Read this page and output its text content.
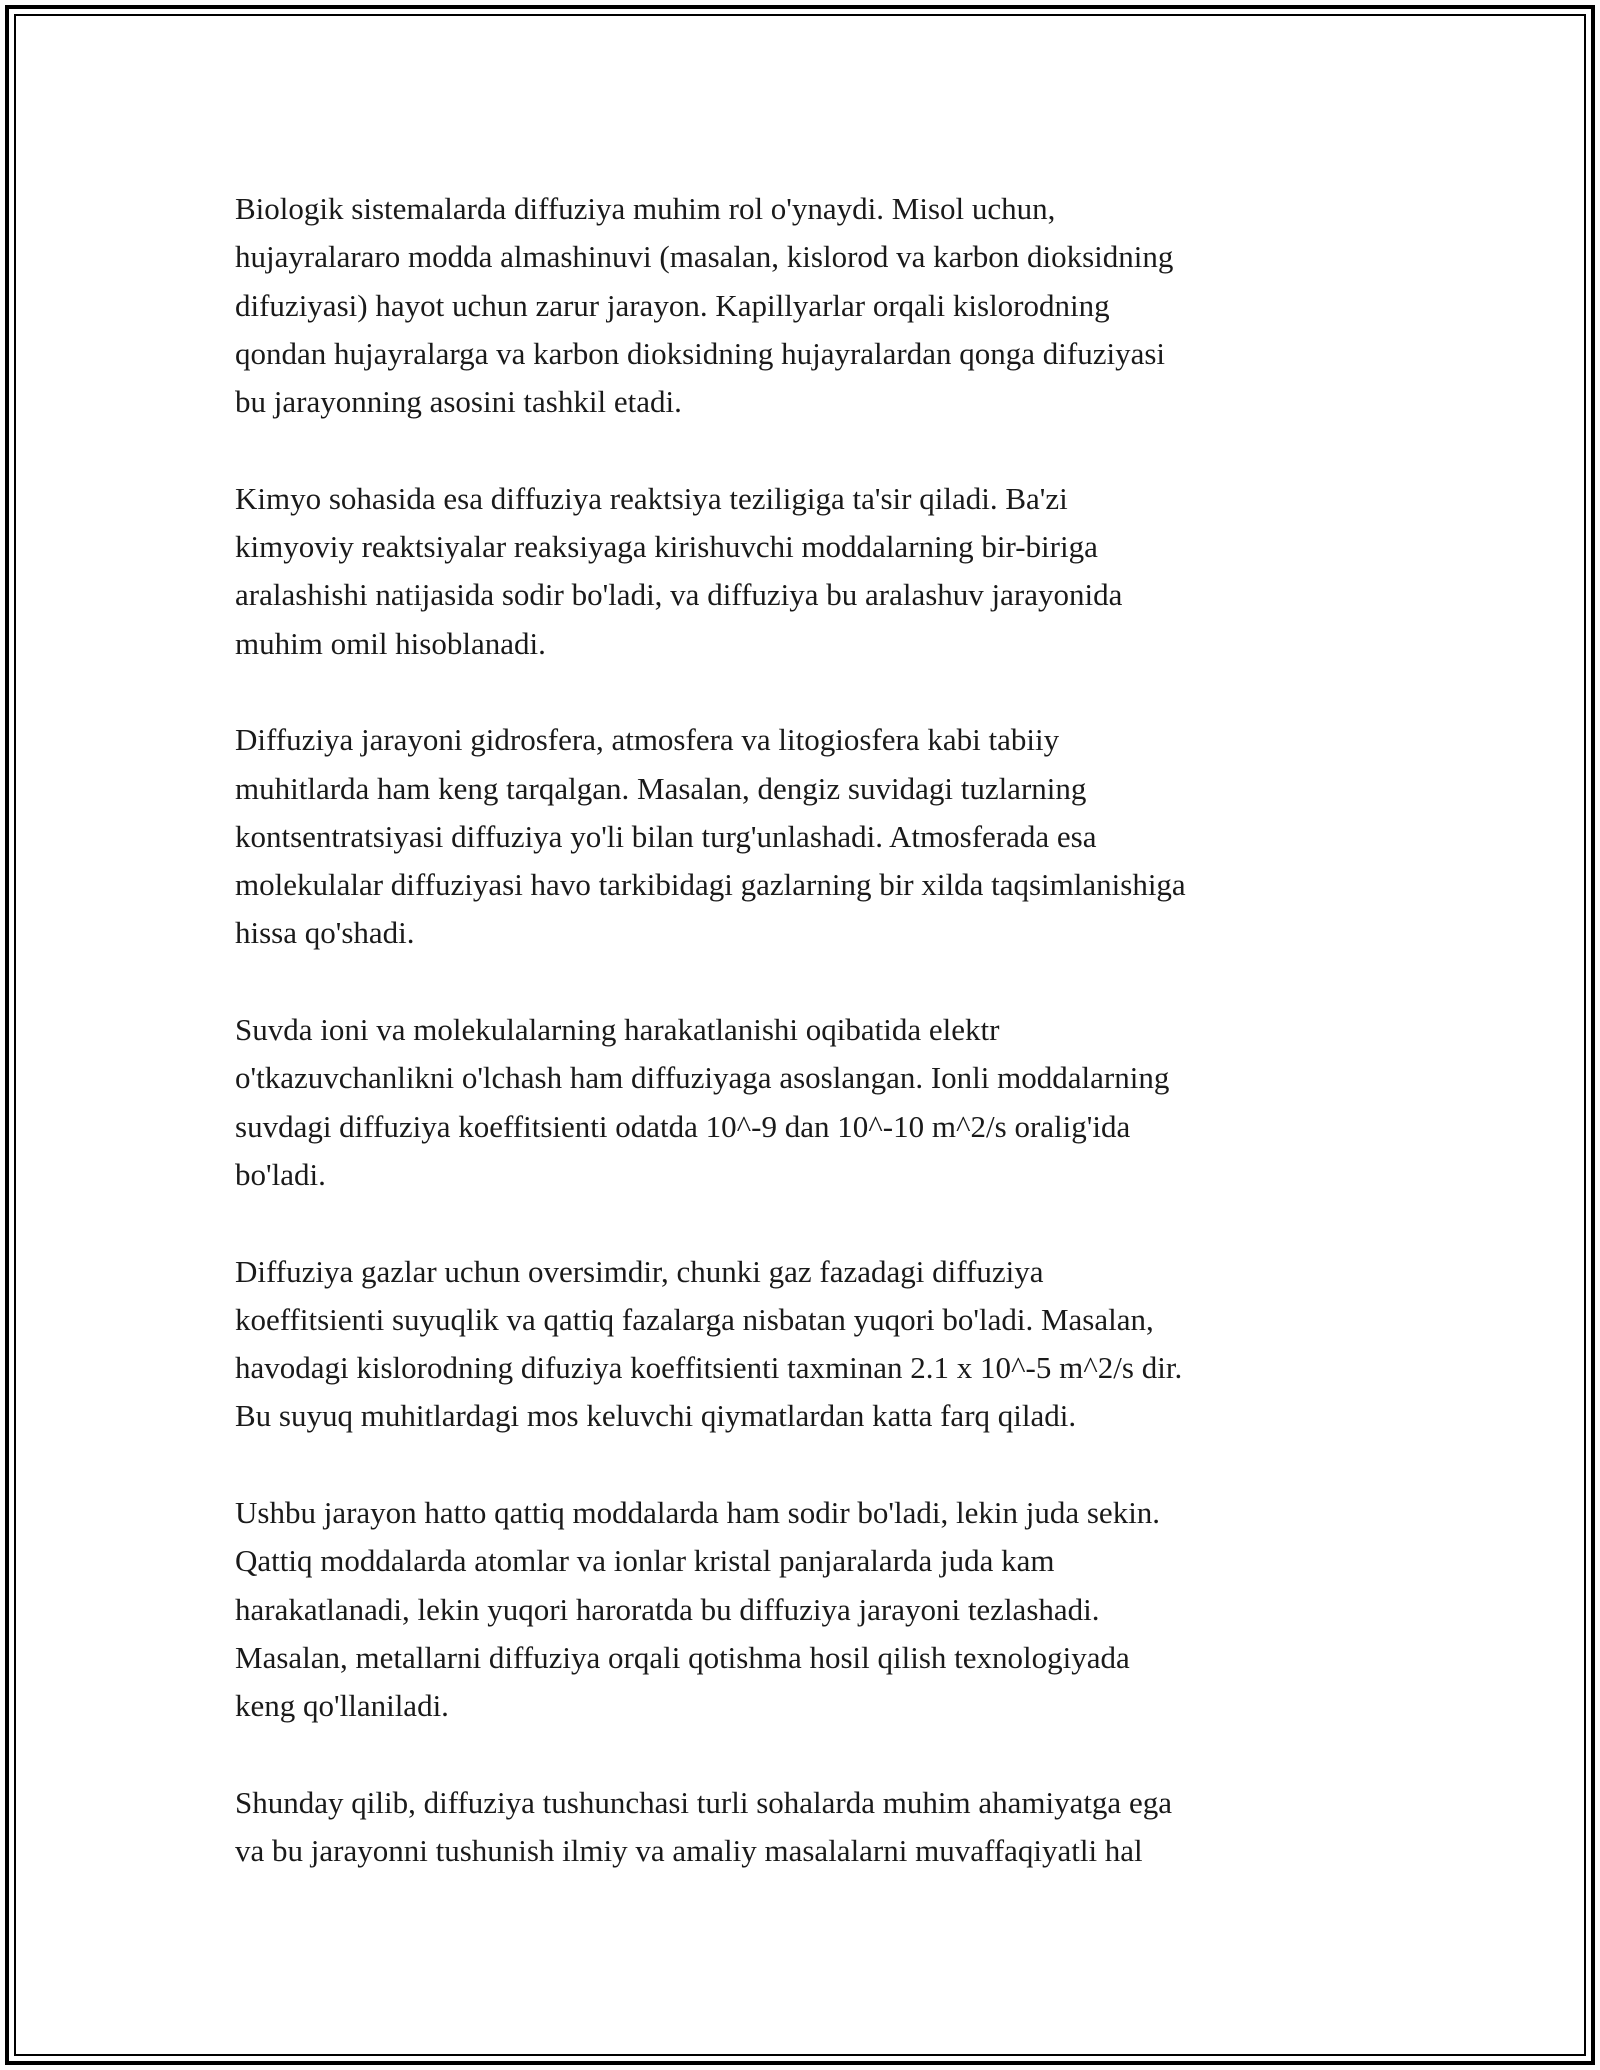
Biologik sistemalarda diffuziya muhim rol o'ynaydi. Misol uchun,
hujayralararo modda almashinuvi (masalan, kislorod va karbon dioksidning
difuziyasi) hayot uchun zarur jarayon. Kapillyarlar orqali kislorodning
qondan hujayralarga va karbon dioksidning hujayralardan qonga difuziyasi
bu jarayonning asosini tashkil etadi.

Kimyo sohasida esa diffuziya reaktsiya teziligiga ta'sir qiladi. Ba'zi
kimyoviy reaktsiyalar reaksiyaga kirishuvchi moddalarning bir-biriga
aralashishi natijasida sodir bo'ladi, va diffuziya bu aralashuv jarayonida
muhim omil hisoblanadi.

Diffuziya jarayoni gidrosfera, atmosfera va litogiosfera kabi tabiiy
muhitlarda ham keng tarqalgan. Masalan, dengiz suvidagi tuzlarning
kontsentratsiyasi diffuziya yo'li bilan turg'unlashadi. Atmosferada esa
molekulalar diffuziyasi havo tarkibidagi gazlarning bir xilda taqsimlanishiga
hissa qo'shadi.

Suvda ioni va molekulalarning harakatlanishi oqibatida elektr
o'tkazuvchanlikni o'lchash ham diffuziyaga asoslangan. Ionli moddalarning
suvdagi diffuziya koeffitsienti odatda 10^-9 dan 10^-10 m^2/s oralig'ida
bo'ladi.

Diffuziya gazlar uchun oversimdir, chunki gaz fazadagi diffuziya
koeffitsienti suyuqlik va qattiq fazalarga nisbatan yuqori bo'ladi. Masalan,
havodagi kislorodning difuziya koeffitsienti taxminan 2.1 x 10^-5 m^2/s dir.
Bu suyuq muhitlardagi mos keluvchi qiymatlardan katta farq qiladi.

Ushbu jarayon hatto qattiq moddalarda ham sodir bo'ladi, lekin juda sekin.
Qattiq moddalarda atomlar va ionlar kristal panjaralarda juda kam
harakatlanadi, lekin yuqori haroratda bu diffuziya jarayoni tezlashadi.
Masalan, metallarni diffuziya orqali qotishma hosil qilish texnologiyada
keng qo'llaniladi.

Shunday qilib, diffuziya tushunchasi turli sohalarda muhim ahamiyatga ega
va bu jarayonni tushunish ilmiy va amaliy masalalarni muvaffaqiyatli hal
